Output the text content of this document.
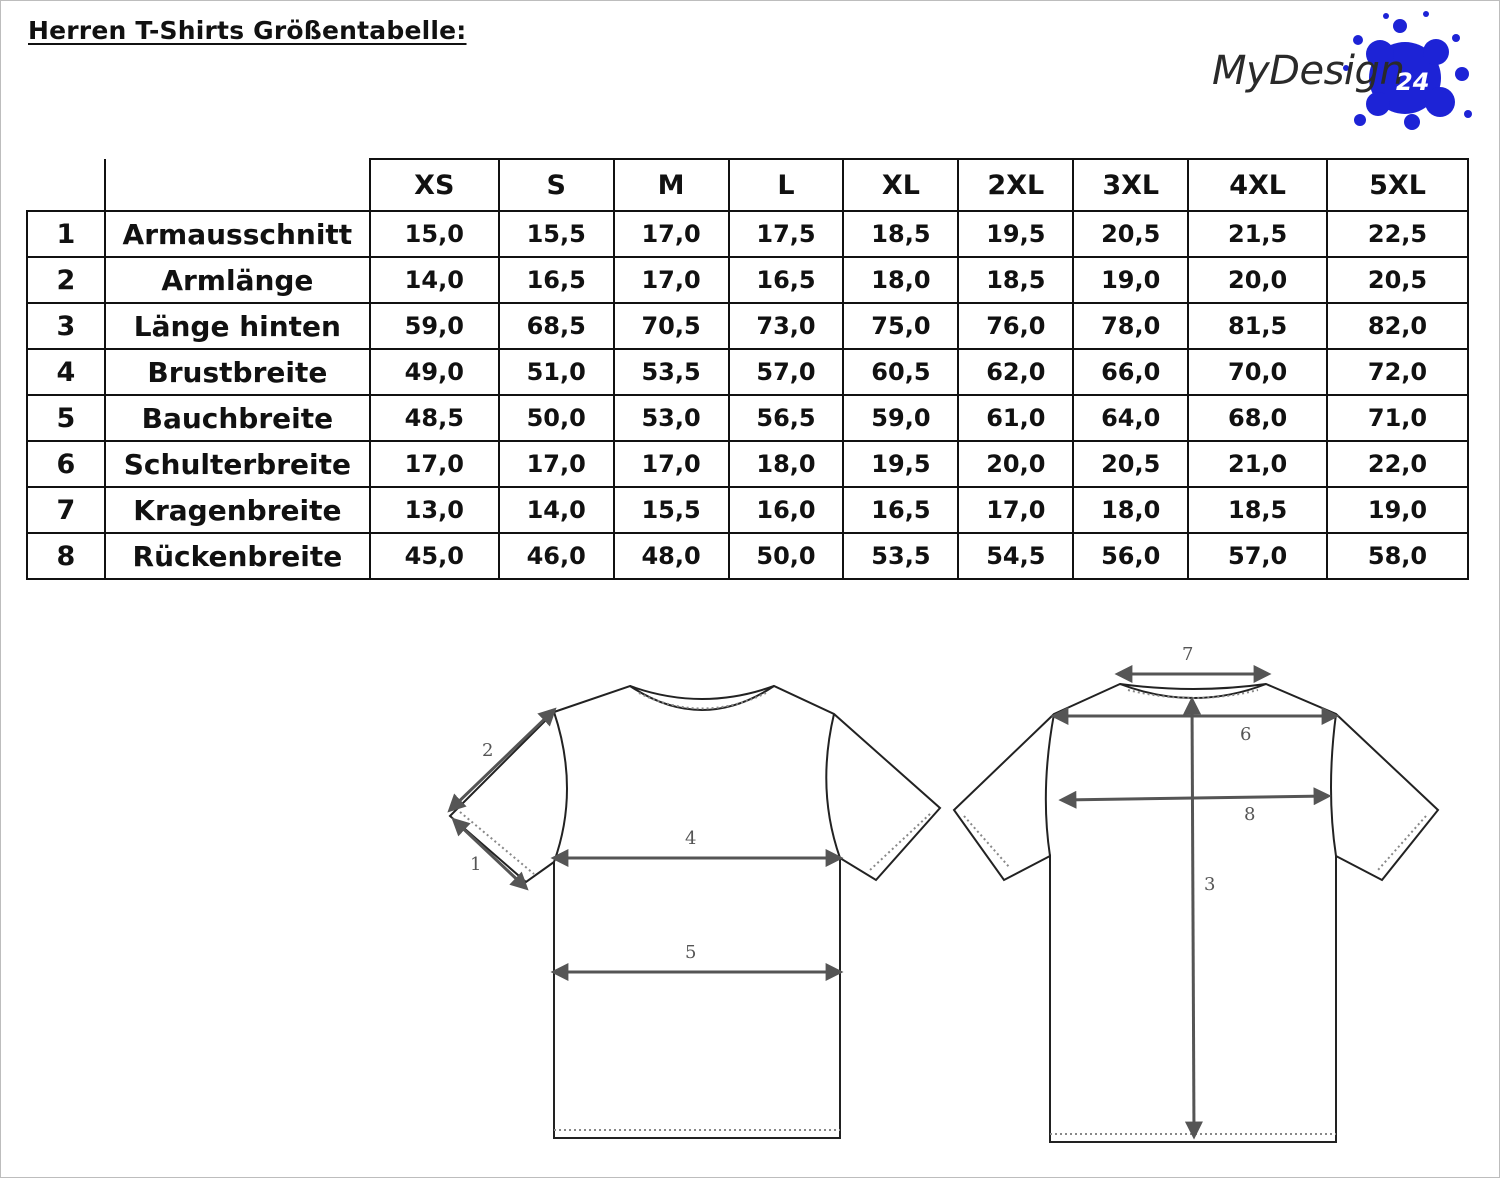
Herren T-Shirts Größentabelle:
MyDesign
24
		XS	S	M	L	XL	2XL	3XL	4XL	5XL
1	Armausschnitt	15,0	15,5	17,0	17,5	18,5	19,5	20,5	21,5	22,5
2	Armlänge	14,0	16,5	17,0	16,5	18,0	18,5	19,0	20,0	20,5
3	Länge hinten	59,0	68,5	70,5	73,0	75,0	76,0	78,0	81,5	82,0
4	Brustbreite	49,0	51,0	53,5	57,0	60,5	62,0	66,0	70,0	72,0
5	Bauchbreite	48,5	50,0	53,0	56,5	59,0	61,0	64,0	68,0	71,0
6	Schulterbreite	17,0	17,0	17,0	18,0	19,5	20,0	20,5	21,0	22,0
7	Kragenbreite	13,0	14,0	15,5	16,0	16,5	17,0	18,0	18,5	19,0
8	Rückenbreite	45,0	46,0	48,0	50,0	53,5	54,5	56,0	57,0	58,0
4
5
2
1
7
6
8
3
